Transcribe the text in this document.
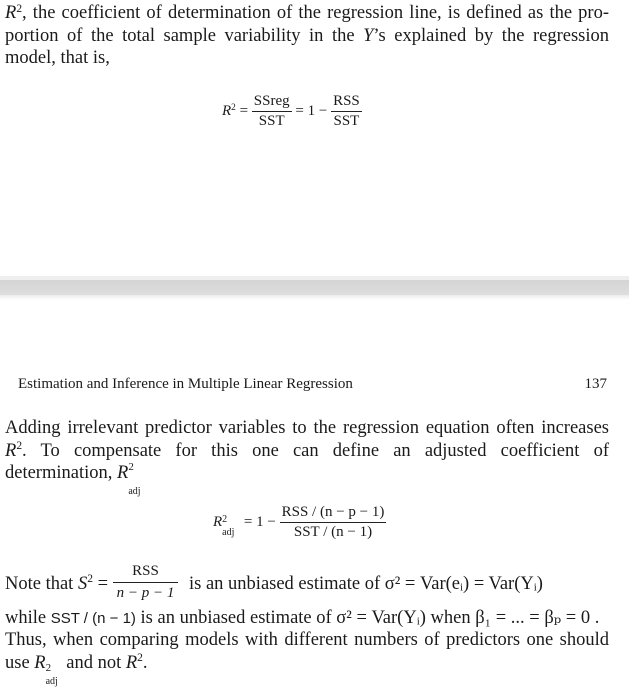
$R^2$, the coefficient of determination of the regression line, is defined as the pro-portion of the total sample variability in the Y’s explained by the regression model, that is,

$R^2 = \frac{\text{SSreg}}{\text{SST}} = 1 - \frac{\text{RSS}}{\text{SST}}$
Estimation and Inference in Multiple Linear Regression	137

Adding irrelevant predictor variables to the regression equation often increases $R^2$. To compensate for this one can define an adjusted coefficient of determination, R 2
adj

R 2
adj
= $1 - \frac{\text{RSS / (n − p − 1)}}{\text{SST / (n − 1)}}$
Note that $S^2 = \frac{\text{RSS}}{n - p - 1}$ is an unbiased estimate of σ² = Var(eᵢ) = Var(Yᵢ)
while SST / (n − 1) is an unbiased estimate of σ² = Var(Yᵢ) when β₁ = ... = βₚ = 0 .

Thus, when comparing models with different numbers of predictors one should use R 2
adj
and not $R^2$.
